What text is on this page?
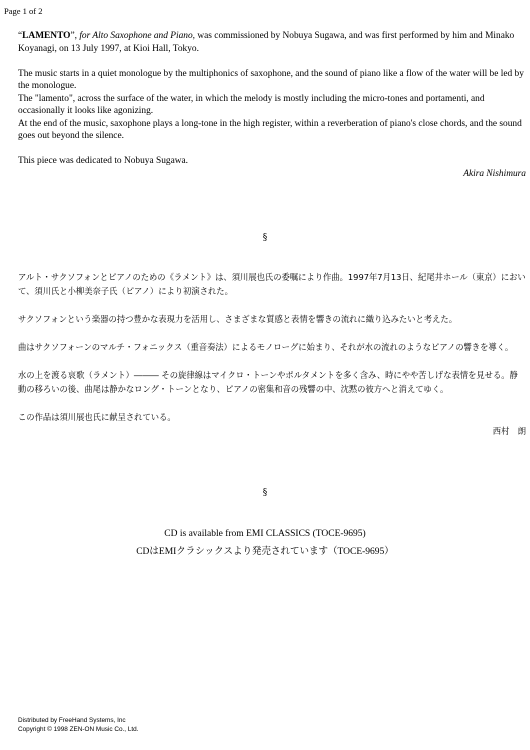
Page 1 of 2

“LAMENTO”, for Alto Saxophone and Piano, was commissioned by Nobuya Sugawa, and was first performed by him and Minako Koyanagi, on 13 July 1997, at Kioi Hall, Tokyo.

The music starts in a quiet monologue by the multiphonics of saxophone, and the sound of piano like a flow of the water will be led by the monologue.

The "lamento", across the surface of the water, in which the melody is mostly including the micro-tones and portamenti, and occasionally it looks like agonizing.

At the end of the music, saxophone plays a long-tone in the high register, within a reverberation of piano's close chords, and the sound goes out beyond the silence.

This piece was dedicated to Nobuya Sugawa.

Akira Nishimura

§

アルト・サクソフォンとピアノのための《ラメント》は、須川展也氏の委嘱により作曲。1997年7月13日、紀尾井ホール（東京）において、須川氏と小柳美奈子氏（ピアノ）により初演された。

サクソフォンという楽器の持つ豊かな表現力を活用し、さまざまな質感と表情を響きの流れに織り込みたいと考えた。

曲はサクソフォーンのマルチ・フォニックス（重音奏法）によるモノローグに始まり、それが水の流れのようなピアノの響きを導く。

水の上を渡る哀歌（ラメント）――― その旋律線はマイクロ・トーンやポルタメントを多く含み、時にやや苦しげな表情を見せる。静動の移ろいの後、曲尾は静かなロング・トーンとなり、ピアノの密集和音の残響の中、沈黙の彼方へと消えてゆく。

この作品は須川展也氏に献呈されている。

西村　朗

§

CD is available from EMI CLASSICS (TOCE-9695)

CDはEMIクラシックスより発売されています（TOCE-9695）

Distributed by FreeHand Systems, Inc

Copyright © 1998 ZEN-ON Music Co., Ltd.
